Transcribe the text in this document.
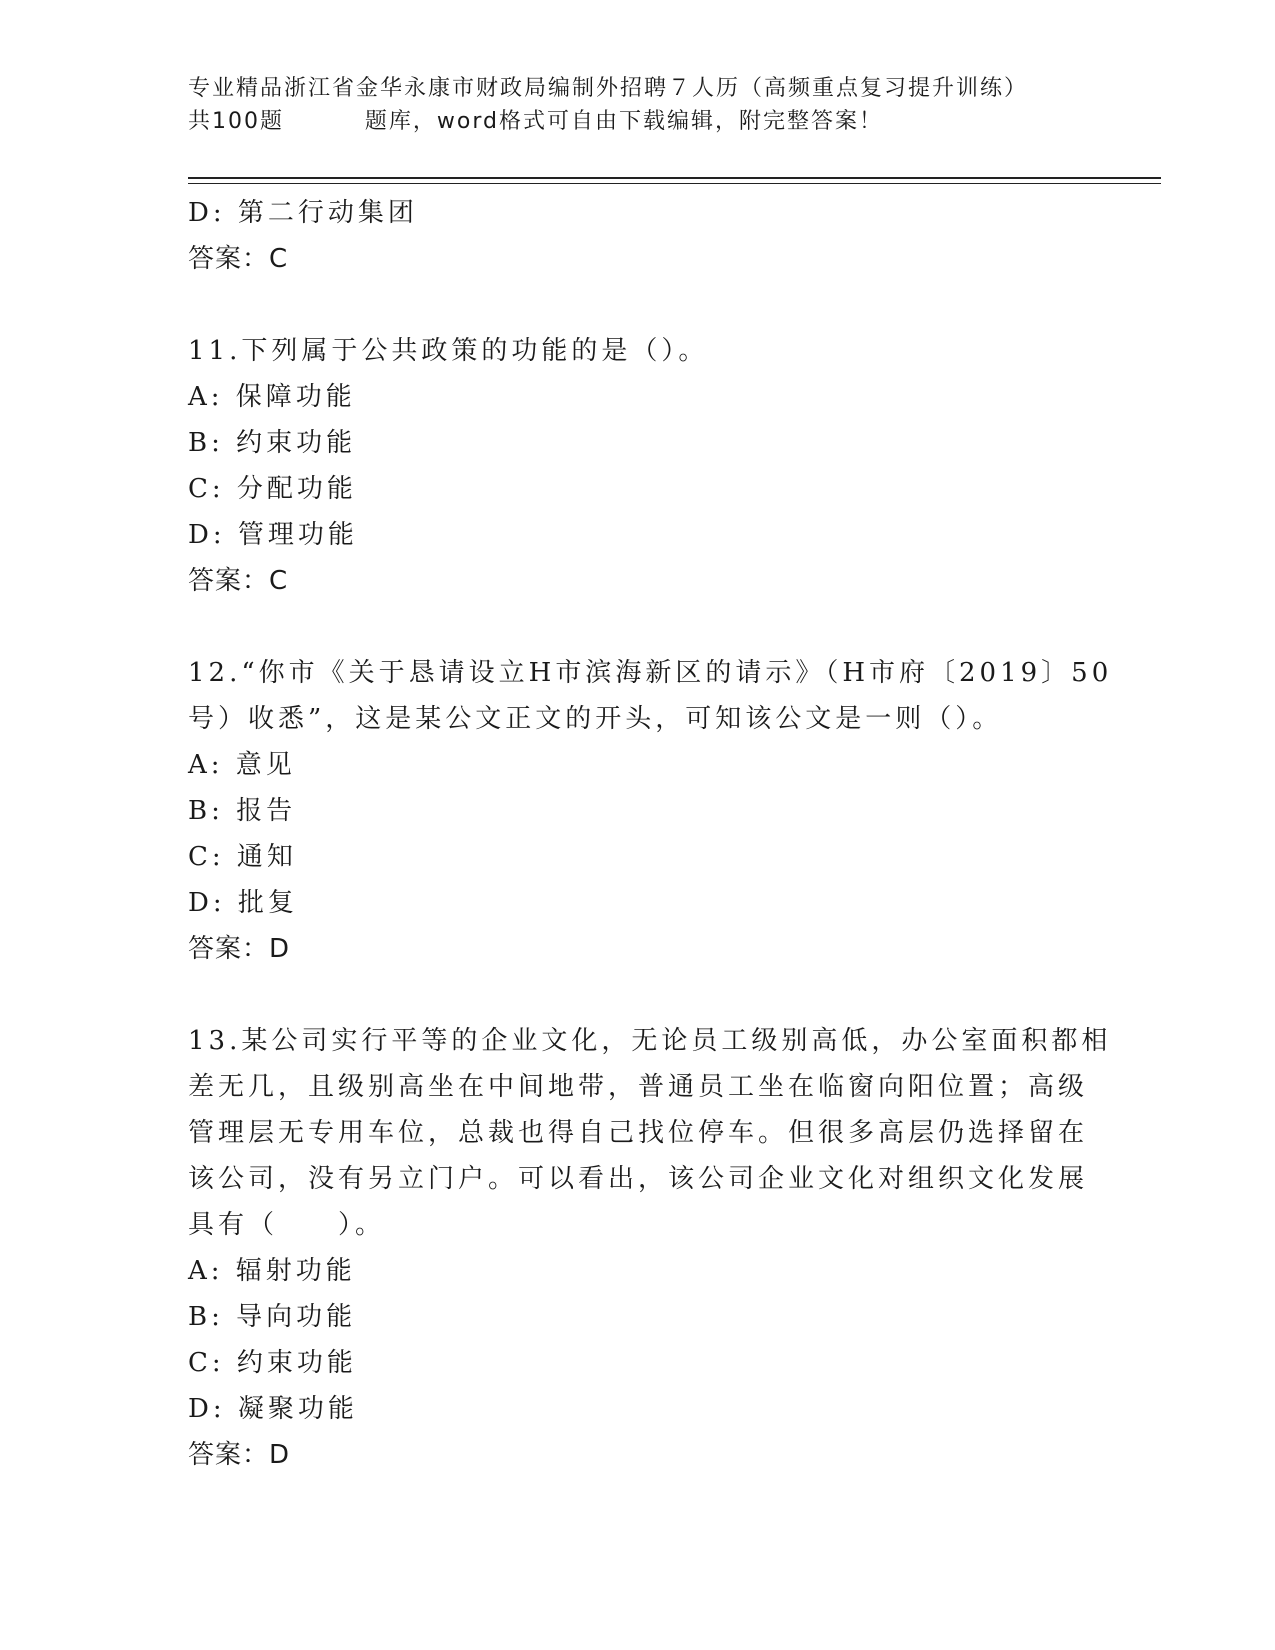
专业精品浙江省金华永康市财政局编制外招聘７人历（高频重点复习提升训练）
共100题         题库，word格式可自由下载编辑，附完整答案！
D: 第二行动集团
答案：C
11.下列属于公共政策的功能的是（）。
A: 保障功能
B: 约束功能
C: 分配功能
D: 管理功能
答案：C
12.“你市《关于恳请设立H市滨海新区的请示》（H市府〔2019〕50
号）收悉”，这是某公文正文的开头，可知该公文是一则（）。
A: 意见
B: 报告
C: 通知
D: 批复
答案：D
13.某公司实行平等的企业文化，无论员工级别高低，办公室面积都相
差无几，且级别高坐在中间地带，普通员工坐在临窗向阳位置；高级
管理层无专用车位，总裁也得自己找位停车。但很多高层仍选择留在
该公司，没有另立门户。可以看出，该公司企业文化对组织文化发展
具有（　　）。
A: 辐射功能
B: 导向功能
C: 约束功能
D: 凝聚功能
答案：D
